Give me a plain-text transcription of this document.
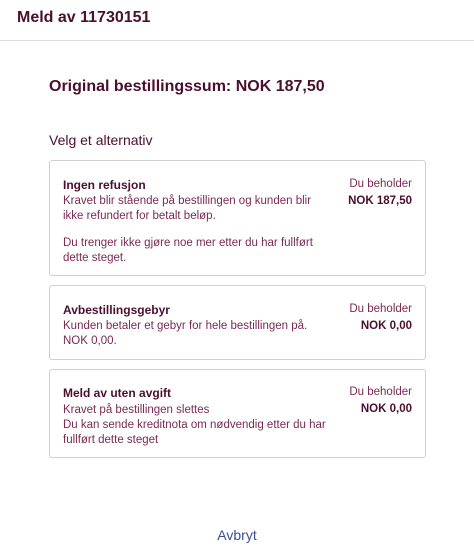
Meld av 11730151
Original bestillingssum: NOK 187,50
Velg et alternativ
Ingen refusjon
Kravet blir stående på bestillingen og kunden blir ikke refundert for betalt beløp.
Du trenger ikke gjøre noe mer etter du har fullført dette steget.
Du beholder
NOK 187,50
Avbestillingsgebyr
Kunden betaler et gebyr for hele bestillingen på. NOK 0,00.
Du beholder
NOK 0,00
Meld av uten avgift
Kravet på bestillingen slettes
Du kan sende kreditnota om nødvendig etter du har fullført dette steget
Du beholder
NOK 0,00
Avbryt
